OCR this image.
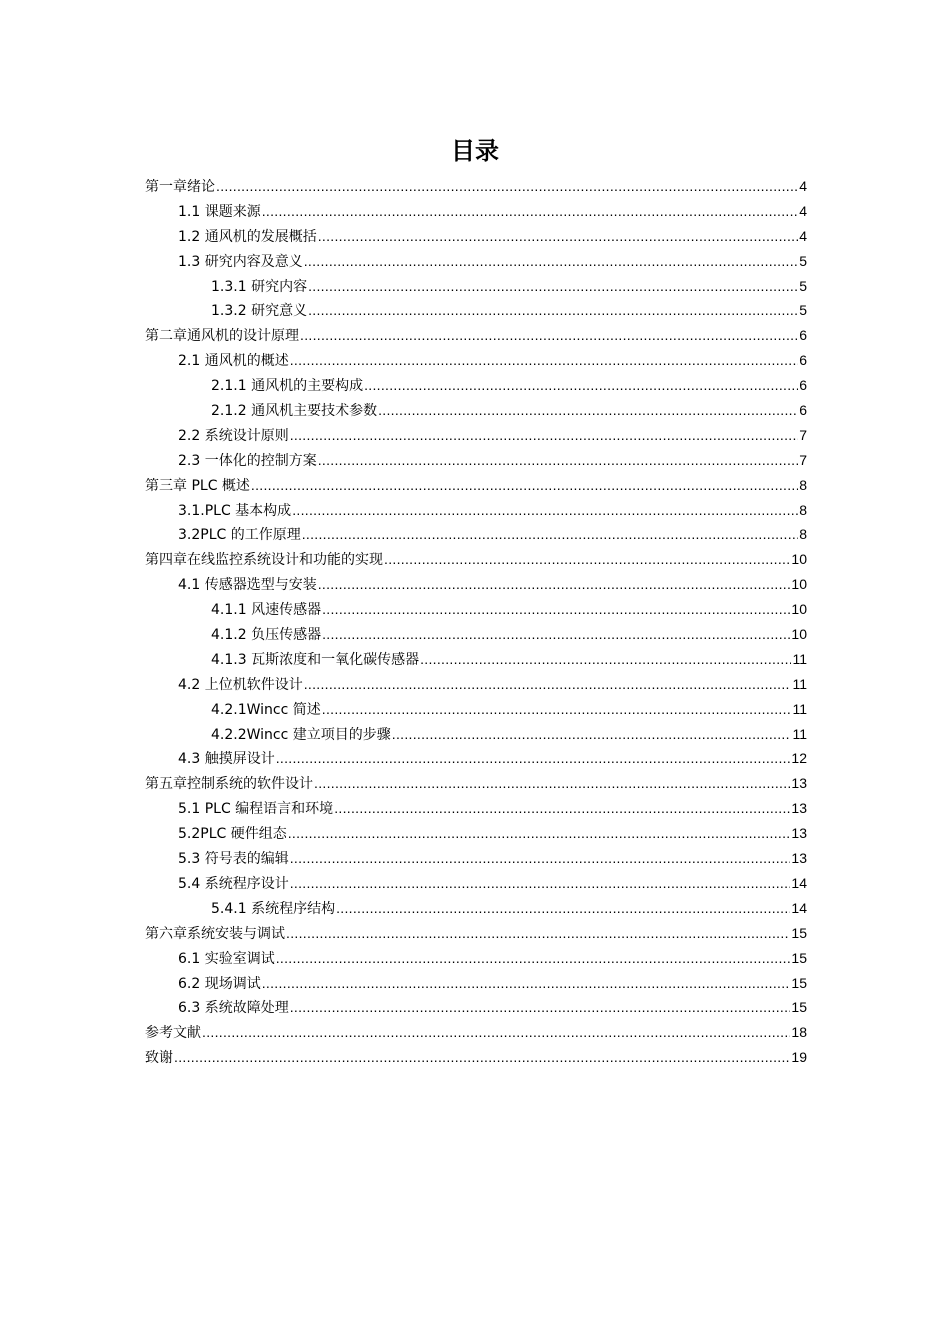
目录
第一章绪论 .....	4
1.1 课题来源 .....	4
1.2 通风机的发展概括 .....	4
1.3 研究内容及意义 .....	5
1.3.1 研究内容 .....	5
1.3.2 研究意义 .....	5
第二章通风机的设计原理 .....	6
2.1 通风机的概述 .....	6
2.1.1 通风机的主要构成 .....	6
2.1.2 通风机主要技术参数 .....	6
2.2 系统设计原则 .....	7
2.3 一体化的控制方案 .....	7
第三章 PLC 概述 .....	8
3.1.PLC 基本构成 .....	8
3.2PLC 的工作原理 .....	8
第四章在线监控系统设计和功能的实现 .....	10
4.1 传感器选型与安装 .....	10
4.1.1 风速传感器 .....	10
4.1.2 负压传感器 .....	10
4.1.3 瓦斯浓度和一氧化碳传感器 .....	11
4.2 上位机软件设计 .....	11
4.2.1Wincc 简述 .....	11
4.2.2Wincc 建立项目的步骤 .....	11
4.3 触摸屏设计 .....	12
第五章控制系统的软件设计 .....	13
5.1 PLC 编程语言和环境 .....	13
5.2PLC 硬件组态 .....	13
5.3 符号表的编辑 .....	13
5.4 系统程序设计 .....	14
5.4.1 系统程序结构 .....	14
第六章系统安装与调试 .....	15
6.1 实验室调试 .....	15
6.2 现场调试 .....	15
6.3 系统故障处理 .....	15
参考文献 .....	18
致谢 .....	19
